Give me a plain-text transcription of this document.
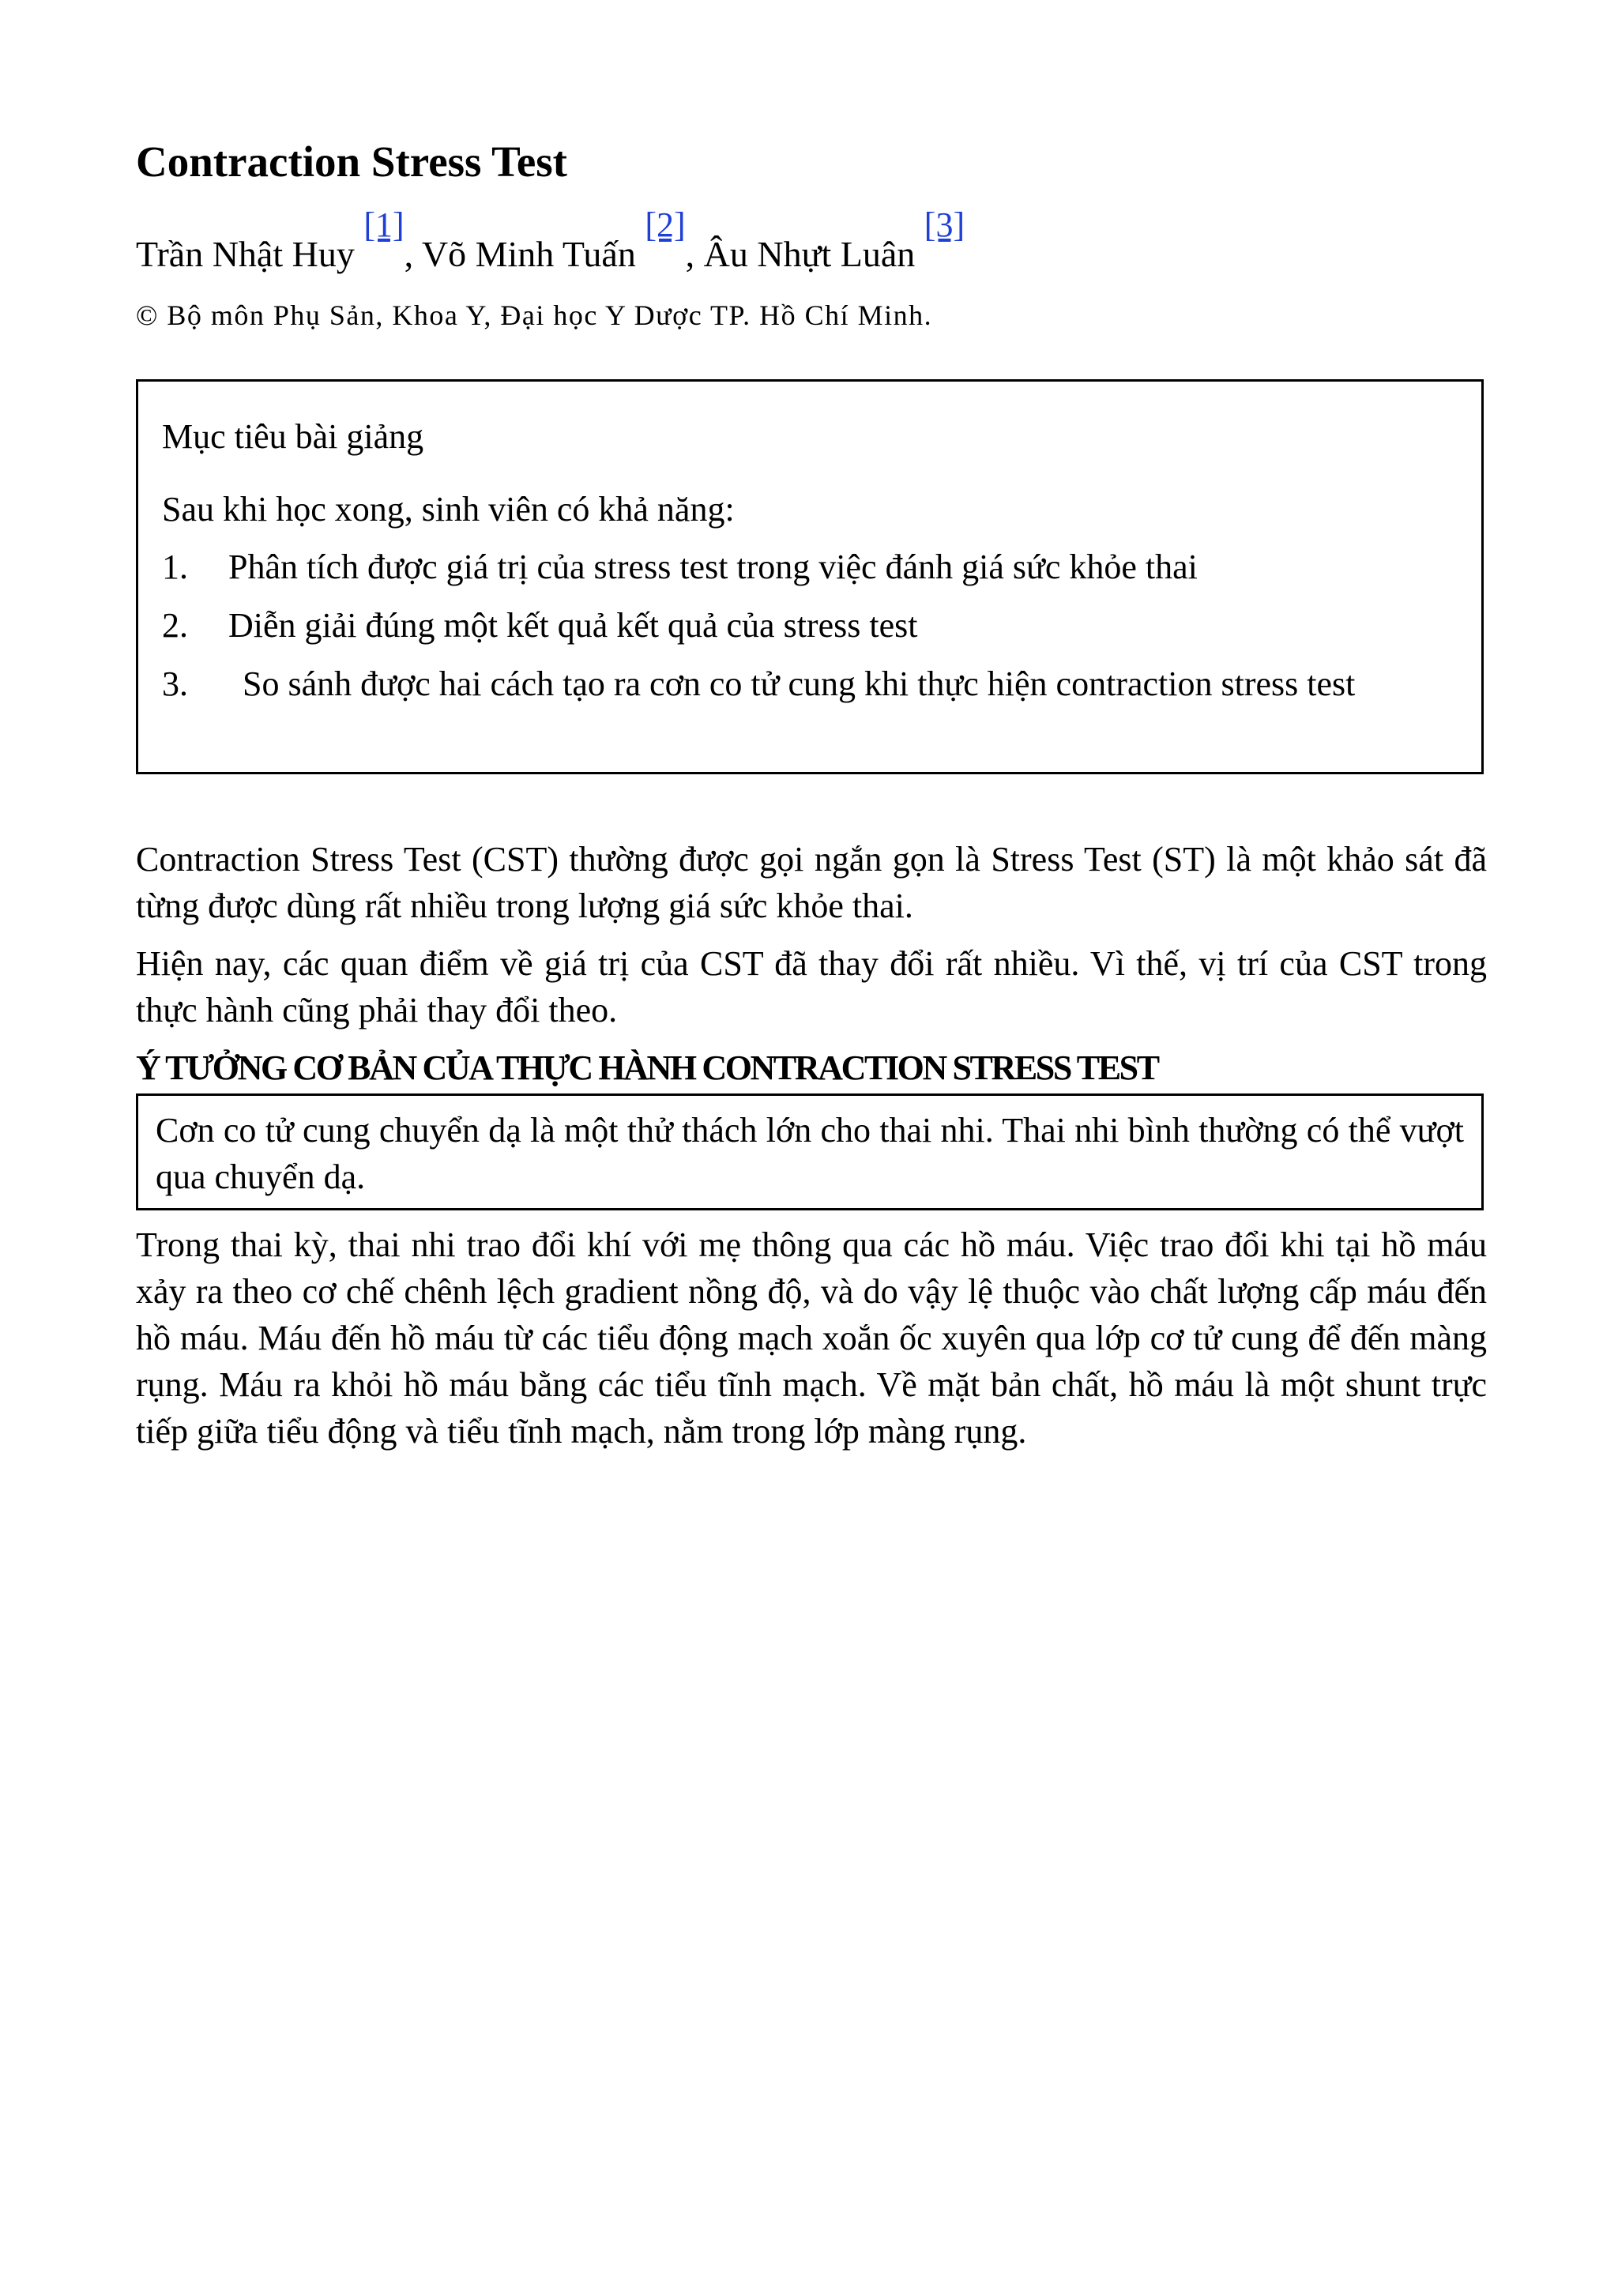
Contraction Stress Test
Trần Nhật Huy [1], Võ Minh Tuấn [2], Âu Nhựt Luân [3]
© Bộ môn Phụ Sản, Khoa Y, Đại học Y Dược TP. Hồ Chí Minh.
Mục tiêu bài giảng
Sau khi học xong, sinh viên có khả năng:
1. Phân tích được giá trị của stress test trong việc đánh giá sức khỏe thai
2. Diễn giải đúng một kết quả kết quả của stress test
3.	So sánh được hai cách tạo ra cơn co tử cung khi thực hiện contraction stress test

Contraction Stress Test (CST) thường được gọi ngắn gọn là Stress Test (ST) là một khảo sát đã từng được dùng rất nhiều trong lượng giá sức khỏe thai.

Hiện nay, các quan điểm về giá trị của CST đã thay đổi rất nhiều. Vì thế, vị trí của CST trong thực hành cũng phải thay đổi theo.

Ý TƯỞNG CƠ BẢN CỦA THỰC HÀNH CONTRACTION STRESS TEST
Cơn co tử cung chuyển dạ là một thử thách lớn cho thai nhi. Thai nhi bình thường có thể vượt qua chuyển dạ.

Trong thai kỳ, thai nhi trao đổi khí với mẹ thông qua các hồ máu. Việc trao đổi khi tại hồ máu xảy ra theo cơ chế chênh lệch gradient nồng độ, và do vậy lệ thuộc vào chất lượng cấp máu đến hồ máu. Máu đến hồ máu từ các tiểu động mạch xoắn ốc xuyên qua lớp cơ tử cung để đến màng rụng. Máu ra khỏi hồ máu bằng các tiểu tĩnh mạch. Về mặt bản chất, hồ máu là một shunt trực tiếp giữa tiểu động và tiểu tĩnh mạch, nằm trong lớp màng rụng.
